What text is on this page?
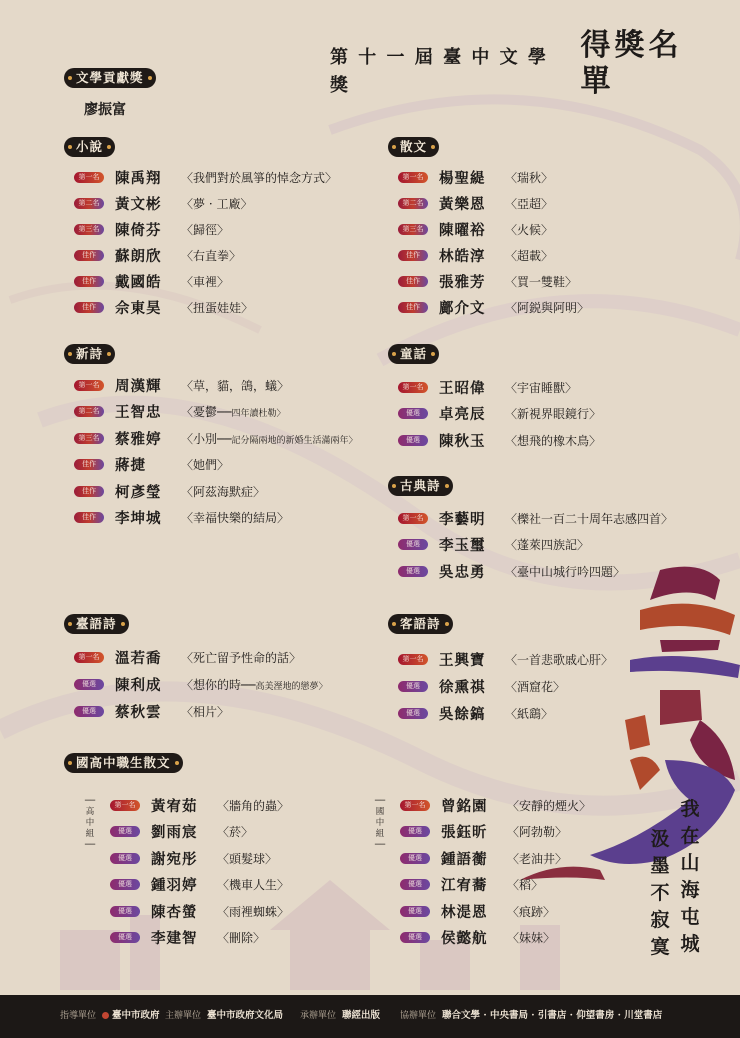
第 十 一 屆 臺 中 文 學 獎
得獎名單
文學貢獻獎
廖振富
小說	散文
新詩	童話
古典詩
臺語詩	客語詩
國高中職生散文
第一名	陳禹翔	〈我們對於風箏的悼念方式〉
第二名	黃文彬	〈夢 · 工廠〉
第三名	陳倚芬	〈歸徑〉
佳作	蘇朗欣	〈右直拳〉
佳作	戴國皓	〈車裡〉
佳作	佘東昊	〈扭蛋娃娃〉
第一名	楊聖緹	〈瑞秋〉
第二名	黃樂恩	〈亞超〉
第三名	陳曜裕	〈火候〉
佳作	林皓淳	〈超載〉
佳作	張雅芳	〈買一雙鞋〉
佳作	鄺介文	〈阿鋭與阿明〉
第一名	周漢輝	〈草，貓，鴿，蟻〉
第二名	王智忠	〈憂鬱──四年讀杜勒〉
第三名	蔡雅婷	〈小別──記分隔兩地的新婚生活滿兩年〉
佳作	蔣捷	〈她們〉
佳作	柯彥瑩	〈阿茲海默症〉
佳作	李坤城	〈幸福快樂的結局〉
第一名	王昭偉	〈宇宙睡獸〉
優選	卓亮辰	〈新視界眼鏡行〉
優選	陳秋玉	〈想飛的橡木鳥〉
第一名	李藝明	〈櫟社一百二十周年志感四首〉
優選	李玉璽	〈蓬萊四族記〉
優選	吳忠勇	〈臺中山城行吟四題〉
第一名	溫若喬	〈死亡留予性命的話〉
優選	陳利成	〈想你的時──高美溼地的戀夢〉
優選	蔡秋雲	〈相片〉
第一名	王興寶	〈一首悲歌戚心肝〉
優選	徐熏祺	〈酒窟花〉
優選	吳餘鎬	〈紙鷂〉
第一名	黃宥茹	〈牆角的蟲〉
優選	劉雨宸	〈菸〉
優選	謝宛彤	〈頭髮球〉
優選	鍾羽婷	〈機車人生〉
優選	陳杏螢	〈雨裡蜘蛛〉
優選	李建智	〈刪除〉
第一名	曾銘園	〈安靜的煙火〉
優選	張鈺昕	〈阿勃勒〉
優選	鍾語蘅	〈老油井〉
優選	江宥蕎	〈稻〉
優選	林湜恩	〈痕跡〉
優選	侯懿航	〈妹妹〉
── 高中組 ──
── 國中組 ──
我在山海屯城
汲墨不寂寞
指導單位 臺中市政府 主辦單位 臺中市政府文化局 承辦單位 聯經出版 協辦單位 聯合文學 · 中央書局 · 引書店 · 仰望書房 · 川堂書店
